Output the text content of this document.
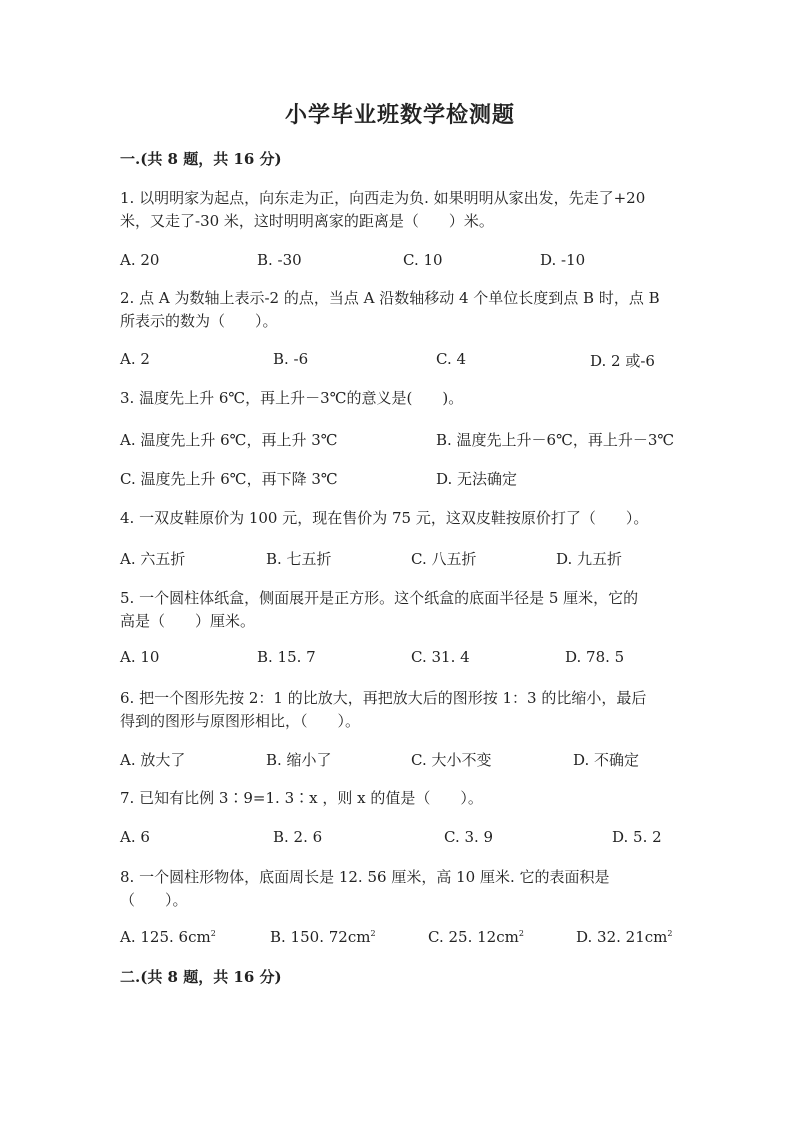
小学毕业班数学检测题
一.(共 8 题，共 16 分)
1. 以明明家为起点，向东走为正，向西走为负. 如果明明从家出发，先走了+20
米，又走了-30 米，这时明明离家的距离是（　　）米。
A. 20	B. -30	C. 10	D. -10
2. 点 A 为数轴上表示-2 的点，当点 A 沿数轴移动 4 个单位长度到点 B 时，点 B
所表示的数为（　　）。
A. 2	B. -6	C. 4	D. 2 或-6
3. 温度先上升 6℃，再上升－3℃的意义是(　　)。
A. 温度先上升 6℃，再上升 3℃	B. 温度先上升－6℃，再上升－3℃
C. 温度先上升 6℃，再下降 3℃	D. 无法确定
4. 一双皮鞋原价为 100 元，现在售价为 75 元，这双皮鞋按原价打了（　　）。
A. 六五折	B. 七五折	C. 八五折	D. 九五折
5. 一个圆柱体纸盒，侧面展开是正方形。这个纸盒的底面半径是 5 厘米，它的
高是（　　）厘米。
A. 10	B. 15. 7	C. 31. 4	D. 78. 5
6. 把一个图形先按 2：1 的比放大，再把放大后的图形按 1：3 的比缩小，最后
得到的图形与原图形相比，（　　）。
A. 放大了	B. 缩小了	C. 大小不变	D. 不确定
7. 已知有比例 3∶9=1. 3∶x ，则 x 的值是（　　）。
A. 6	B. 2. 6	C. 3. 9	D. 5. 2
8. 一个圆柱形物体，底面周长是 12. 56 厘米，高 10 厘米. 它的表面积是
（　　）。
A. 125. $6cm^2$	B. 150. $72cm^2$	C. 25. $12cm^2$	D. 32. $21cm^2$
二.(共 8 题，共 16 分)
